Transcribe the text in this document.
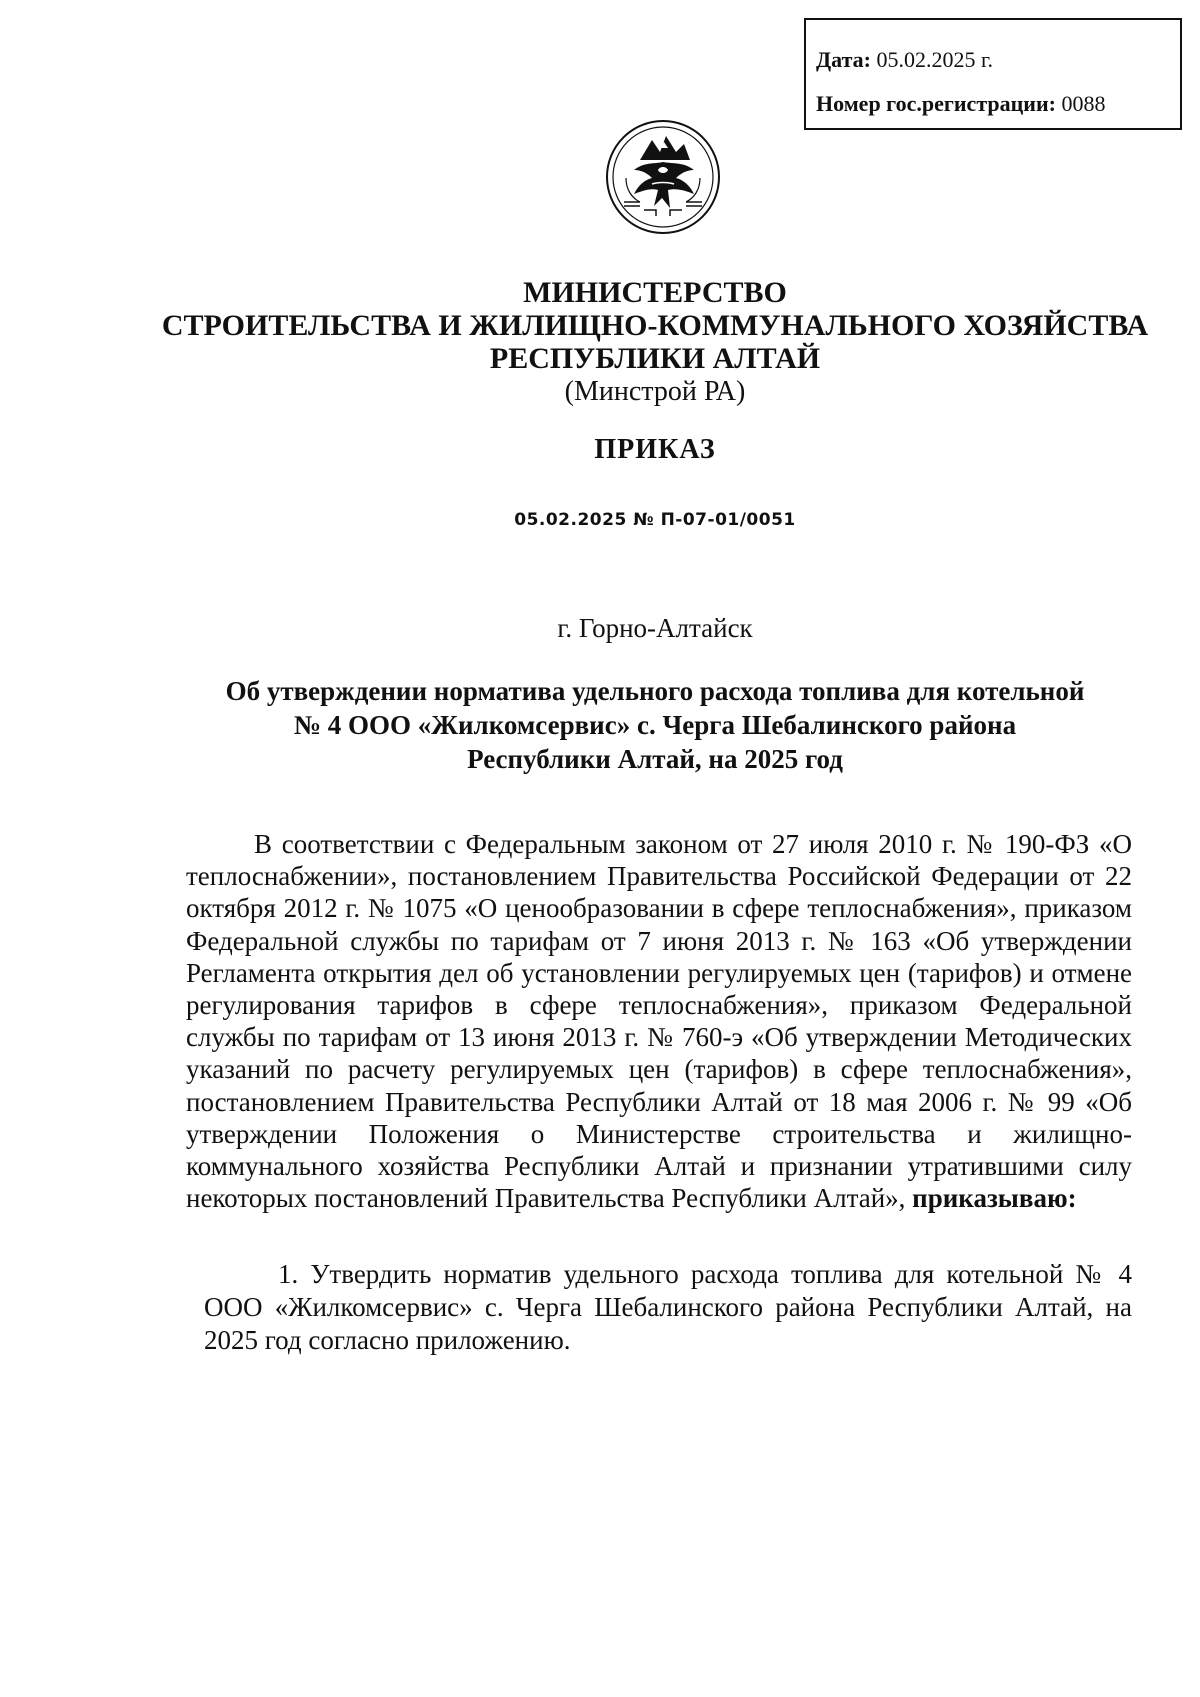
Дата: 05.02.2025 г.
Номер гос.регистрации: 0088
МИНИСТЕРСТВО
СТРОИТЕЛЬСТВА И ЖИЛИЩНО-КОММУНАЛЬНОГО ХОЗЯЙСТВА
РЕСПУБЛИКИ АЛТАЙ
(Минстрой РА)
ПРИКАЗ
05.02.2025 № П-07-01/0051
г. Горно-Алтайск
Об утверждении норматива удельного расхода топлива для котельной
№ 4 ООО «Жилкомсервис» с. Черга Шебалинского района
Республики Алтай, на 2025 год

В соответствии с Федеральным законом от 27 июля 2010 г. № 190-ФЗ «О теплоснабжении», постановлением Правительства Российской Федерации от 22 октября 2012 г. № 1075 «О ценообразовании в сфере теплоснабжения», приказом Федеральной службы по тарифам от 7 июня 2013 г. № 163 «Об утверждении Регламента открытия дел об установлении регулируемых цен (тарифов) и отмене регулирования тарифов в сфере теплоснабжения», приказом Федеральной службы по тарифам от 13 июня 2013 г. № 760-э «Об утверждении Методических указаний по расчету регулируемых цен (тарифов) в сфере теплоснабжения», постановлением Правительства Республики Алтай от 18 мая 2006 г. № 99 «Об утверждении Положения о Министерстве строительства и жилищно-коммунального хозяйства Республики Алтай и признании утратившими силу некоторых постановлений Правительства Республики Алтай», приказываю:

1. Утвердить норматив удельного расхода топлива для котельной № 4 ООО «Жилкомсервис» с. Черга Шебалинского района Республики Алтай, на 2025 год согласно приложению.
